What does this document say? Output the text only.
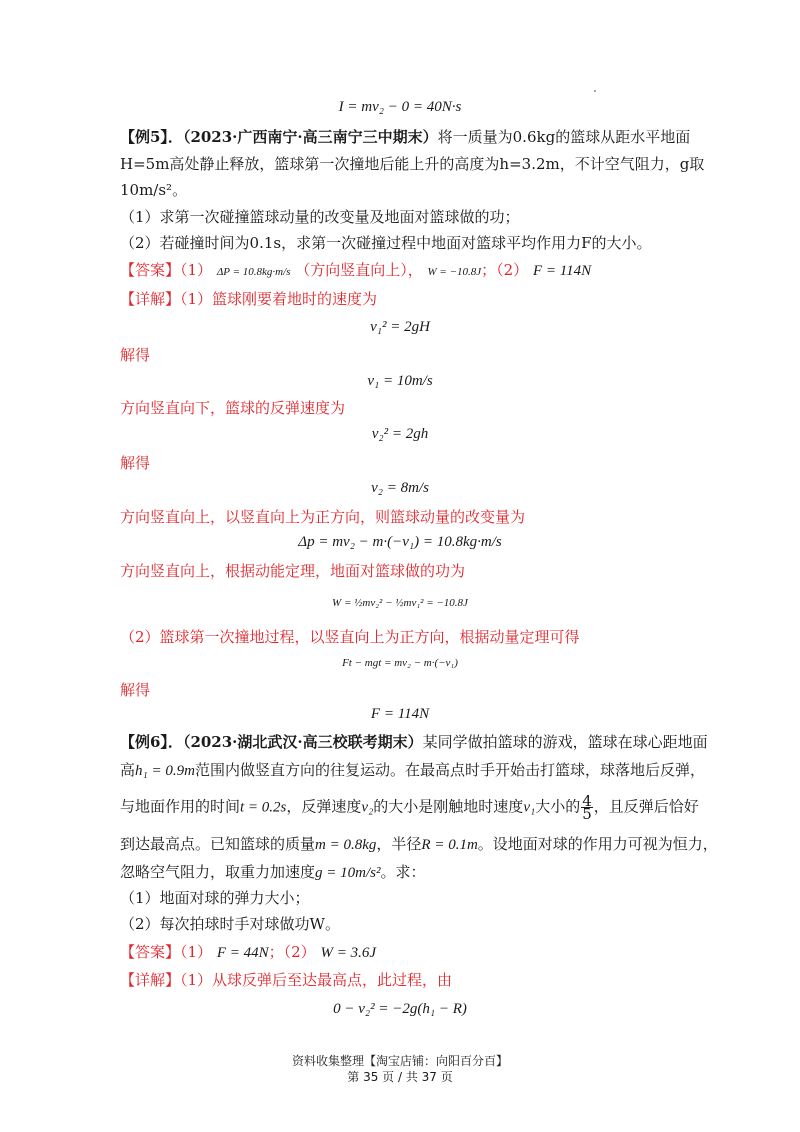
I = mv₂ − 0 = 40N·s
【例5】．（2023·广西南宁·高三南宁三中期末）将一质量为0.6kg的篮球从距水平地面
H=5m高处静止释放，篮球第一次撞地后能上升的高度为h=3.2m，不计空气阻力，g取
10m/s²。
（1）求第一次碰撞篮球动量的改变量及地面对篮球做的功；
（2）若碰撞时间为0.1s，求第一次碰撞过程中地面对篮球平均作用力F的大小。
【答案】（1） ΔP = 10.8kg·m/s （方向竖直向上）， W = −10.8J；（2） F = 114N
【详解】（1）篮球刚要着地时的速度为
v₁² = 2gH
解得
v₁ = 10m/s
方向竖直向下，篮球的反弹速度为
v₂² = 2gh
解得
v₂ = 8m/s
方向竖直向上，以竖直向上为正方向，则篮球动量的改变量为
Δp = mv₂ − m·(−v₁) = 10.8kg·m/s
方向竖直向上，根据动能定理，地面对篮球做的功为
W = ½mv₂² − ½mv₁² = −10.8J
（2）篮球第一次撞地过程，以竖直向上为正方向，根据动量定理可得
Ft − mgt = mv₂ − m·(−v₁)
解得
F = 114N
【例6】．（2023·湖北武汉·高三校联考期末）某同学做拍篮球的游戏，篮球在球心距地面
高h₁ = 0.9m范围内做竖直方向的往复运动。在最高点时手开始击打篮球，球落地后反弹，
与地面作用的时间t = 0.2s，反弹速度v₂的大小是刚触地时速度v₁大小的 $\frac{4}{5}$ ，且反弹后恰好
到达最高点。已知篮球的质量m = 0.8kg，半径R = 0.1m。设地面对球的作用力可视为恒力，
忽略空气阻力，取重力加速度g = 10m/s²。求：
（1）地面对球的弹力大小；
（2）每次拍球时手对球做功W。
【答案】（1） F = 44N；（2） W = 3.6J
【详解】（1）从球反弹后至达最高点，此过程，由
0 − v₂² = −2g(h₁ − R)
资料收集整理【淘宝店铺：向阳百分百】
第 35 页 / 共 37 页
